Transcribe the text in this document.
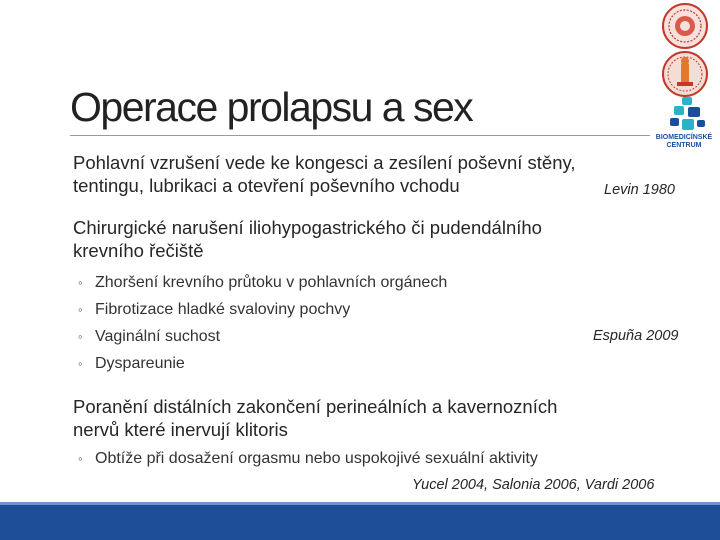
BIOMEDICÍNSKÉ
CENTRUM
Operace prolapsu a sex
Pohlavní vzrušení vede ke kongesci a zesílení poševní stěny,
tentingu, lubrikaci a otevření poševního vchodu	Levin 1980
Chirurgické narušení iliohypogastrického či pudendálního
krevního řečiště
◦ Zhoršení krevního průtoku v pohlavních orgánech
◦ Fibrotizace hladké svaloviny pochvy
◦ Vaginální suchost
◦ Dyspareunie
Espuña 2009
Poranění distálních zakončení perineálních a kavernozních
nervů které inervují klitoris
◦ Obtíže při dosažení orgasmu nebo uspokojivé sexuální aktivity
Yucel 2004, Salonia 2006, Vardi 2006
